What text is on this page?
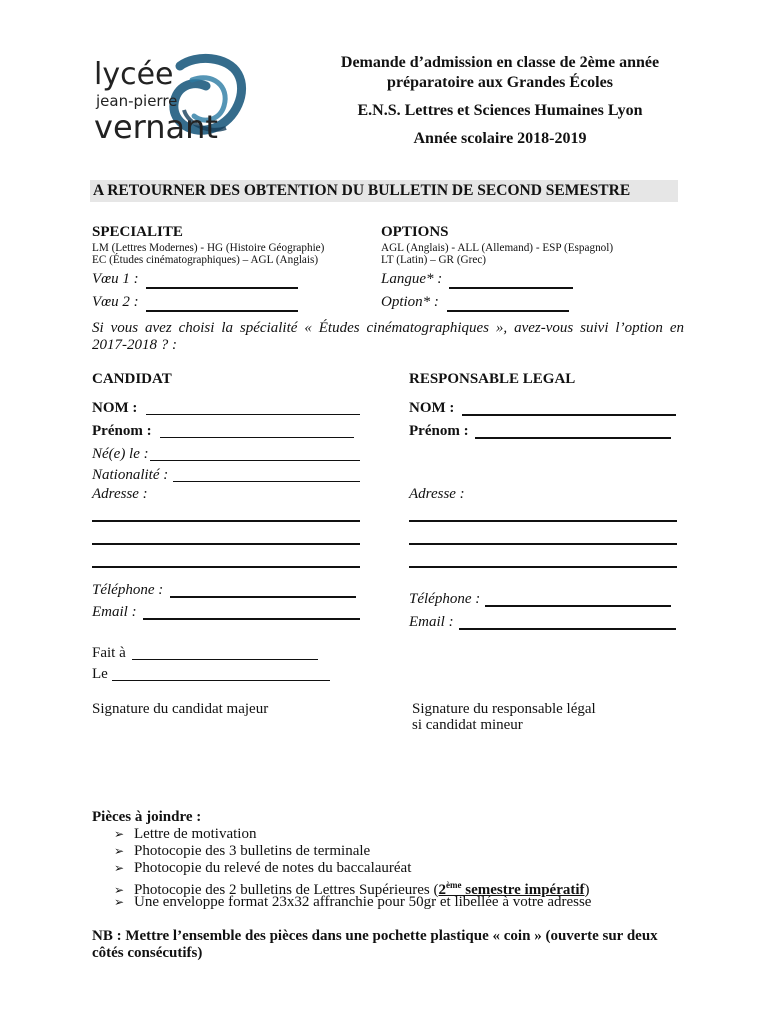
lycée
jean-pierre
vernant
Demande d’admission en classe de 2ème année
préparatoire aux Grandes Écoles
E.N.S. Lettres et Sciences Humaines Lyon
Année scolaire 2018-2019
A RETOURNER DES OBTENTION DU BULLETIN DE SECOND SEMESTRE
SPECIALITE
LM (Lettres Modernes) - HG (Histoire Géographie)
EC (Études cinématographiques) – AGL (Anglais)
OPTIONS
AGL (Anglais) - ALL (Allemand) - ESP (Espagnol)
LT (Latin) – GR (Grec)
Vœu 1 :
Vœu 2 :
Langue* :
Option* :
Si vous avez choisi la spécialité « Études cinématographiques », avez-vous suivi l’option en
2017-2018 ? :
CANDIDAT
NOM :
Prénom :
Né(e) le :
Nationalité :
Adresse :
Téléphone :
Email :
RESPONSABLE LEGAL
NOM :
Prénom :
Adresse :
Téléphone :
Email :
Fait à
Le
Signature du candidat majeur	Signature du responsable légal
si candidat mineur
Pièces à joindre :
➢ Lettre de motivation
➢ Photocopie des 3 bulletins de terminale
➢ Photocopie du relevé de notes du baccalauréat
➢ Photocopie des 2 bulletins de Lettres Supérieures (2ème semestre impératif)
➢ Une enveloppe format 23x32 affranchie pour 50gr et libellée à votre adresse
NB : Mettre l’ensemble des pièces dans une pochette plastique « coin » (ouverte sur deux
côtés consécutifs)
